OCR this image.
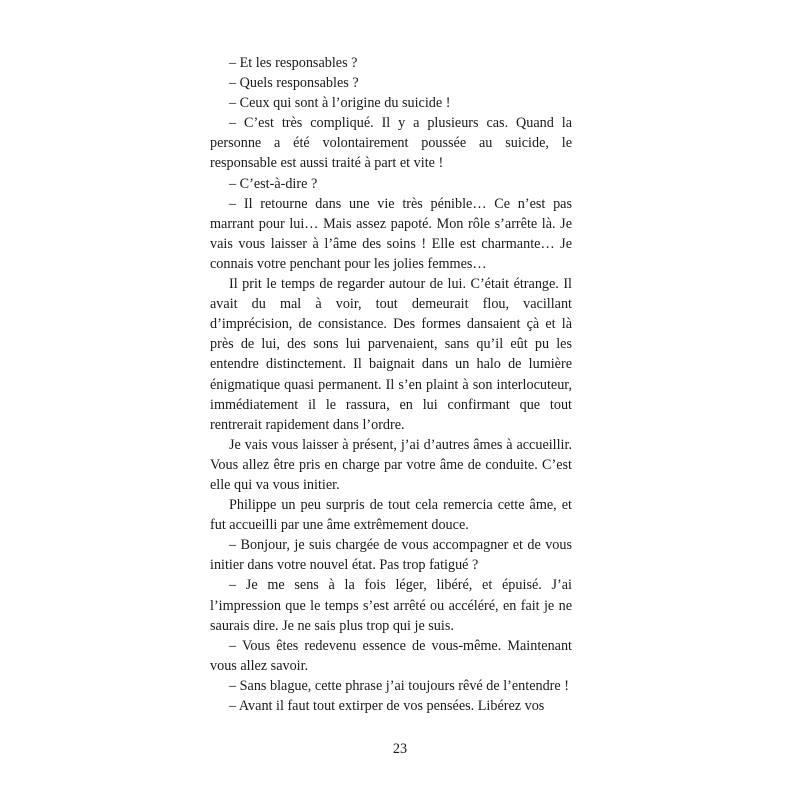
– Et les responsables ?

– Quels responsables ?

– Ceux qui sont à l’origine du suicide !

– C’est très compliqué. Il y a plusieurs cas. Quand la personne a été volontairement poussée au suicide, le responsable est aussi traité à part et vite !

– C’est-à-dire ?

– Il retourne dans une vie très pénible… Ce n’est pas marrant pour lui… Mais assez papoté. Mon rôle s’arrête là. Je vais vous laisser à l’âme des soins ! Elle est charmante… Je connais votre penchant pour les jolies femmes…

Il prit le temps de regarder autour de lui. C’était étrange. Il avait du mal à voir, tout demeurait flou, vacillant d’imprécision, de consistance. Des formes dansaient çà et là près de lui, des sons lui parvenaient, sans qu’il eût pu les entendre distinctement. Il baignait dans un halo de lumière énigmatique quasi permanent. Il s’en plaint à son interlocuteur, immédiatement il le rassura, en lui confirmant que tout rentrerait rapidement dans l’ordre.

Je vais vous laisser à présent, j’ai d’autres âmes à accueillir. Vous allez être pris en charge par votre âme de conduite. C’est elle qui va vous initier.

Philippe un peu surpris de tout cela remercia cette âme, et fut accueilli par une âme extrêmement douce.

– Bonjour, je suis chargée de vous accompagner et de vous initier dans votre nouvel état. Pas trop fatigué ?

– Je me sens à la fois léger, libéré, et épuisé. J’ai l’impression que le temps s’est arrêté ou accéléré, en fait je ne saurais dire. Je ne sais plus trop qui je suis.

– Vous êtes redevenu essence de vous-même. Maintenant vous allez savoir.

– Sans blague, cette phrase j’ai toujours rêvé de l’entendre !

– Avant il faut tout extirper de vos pensées. Libérez vos

23
